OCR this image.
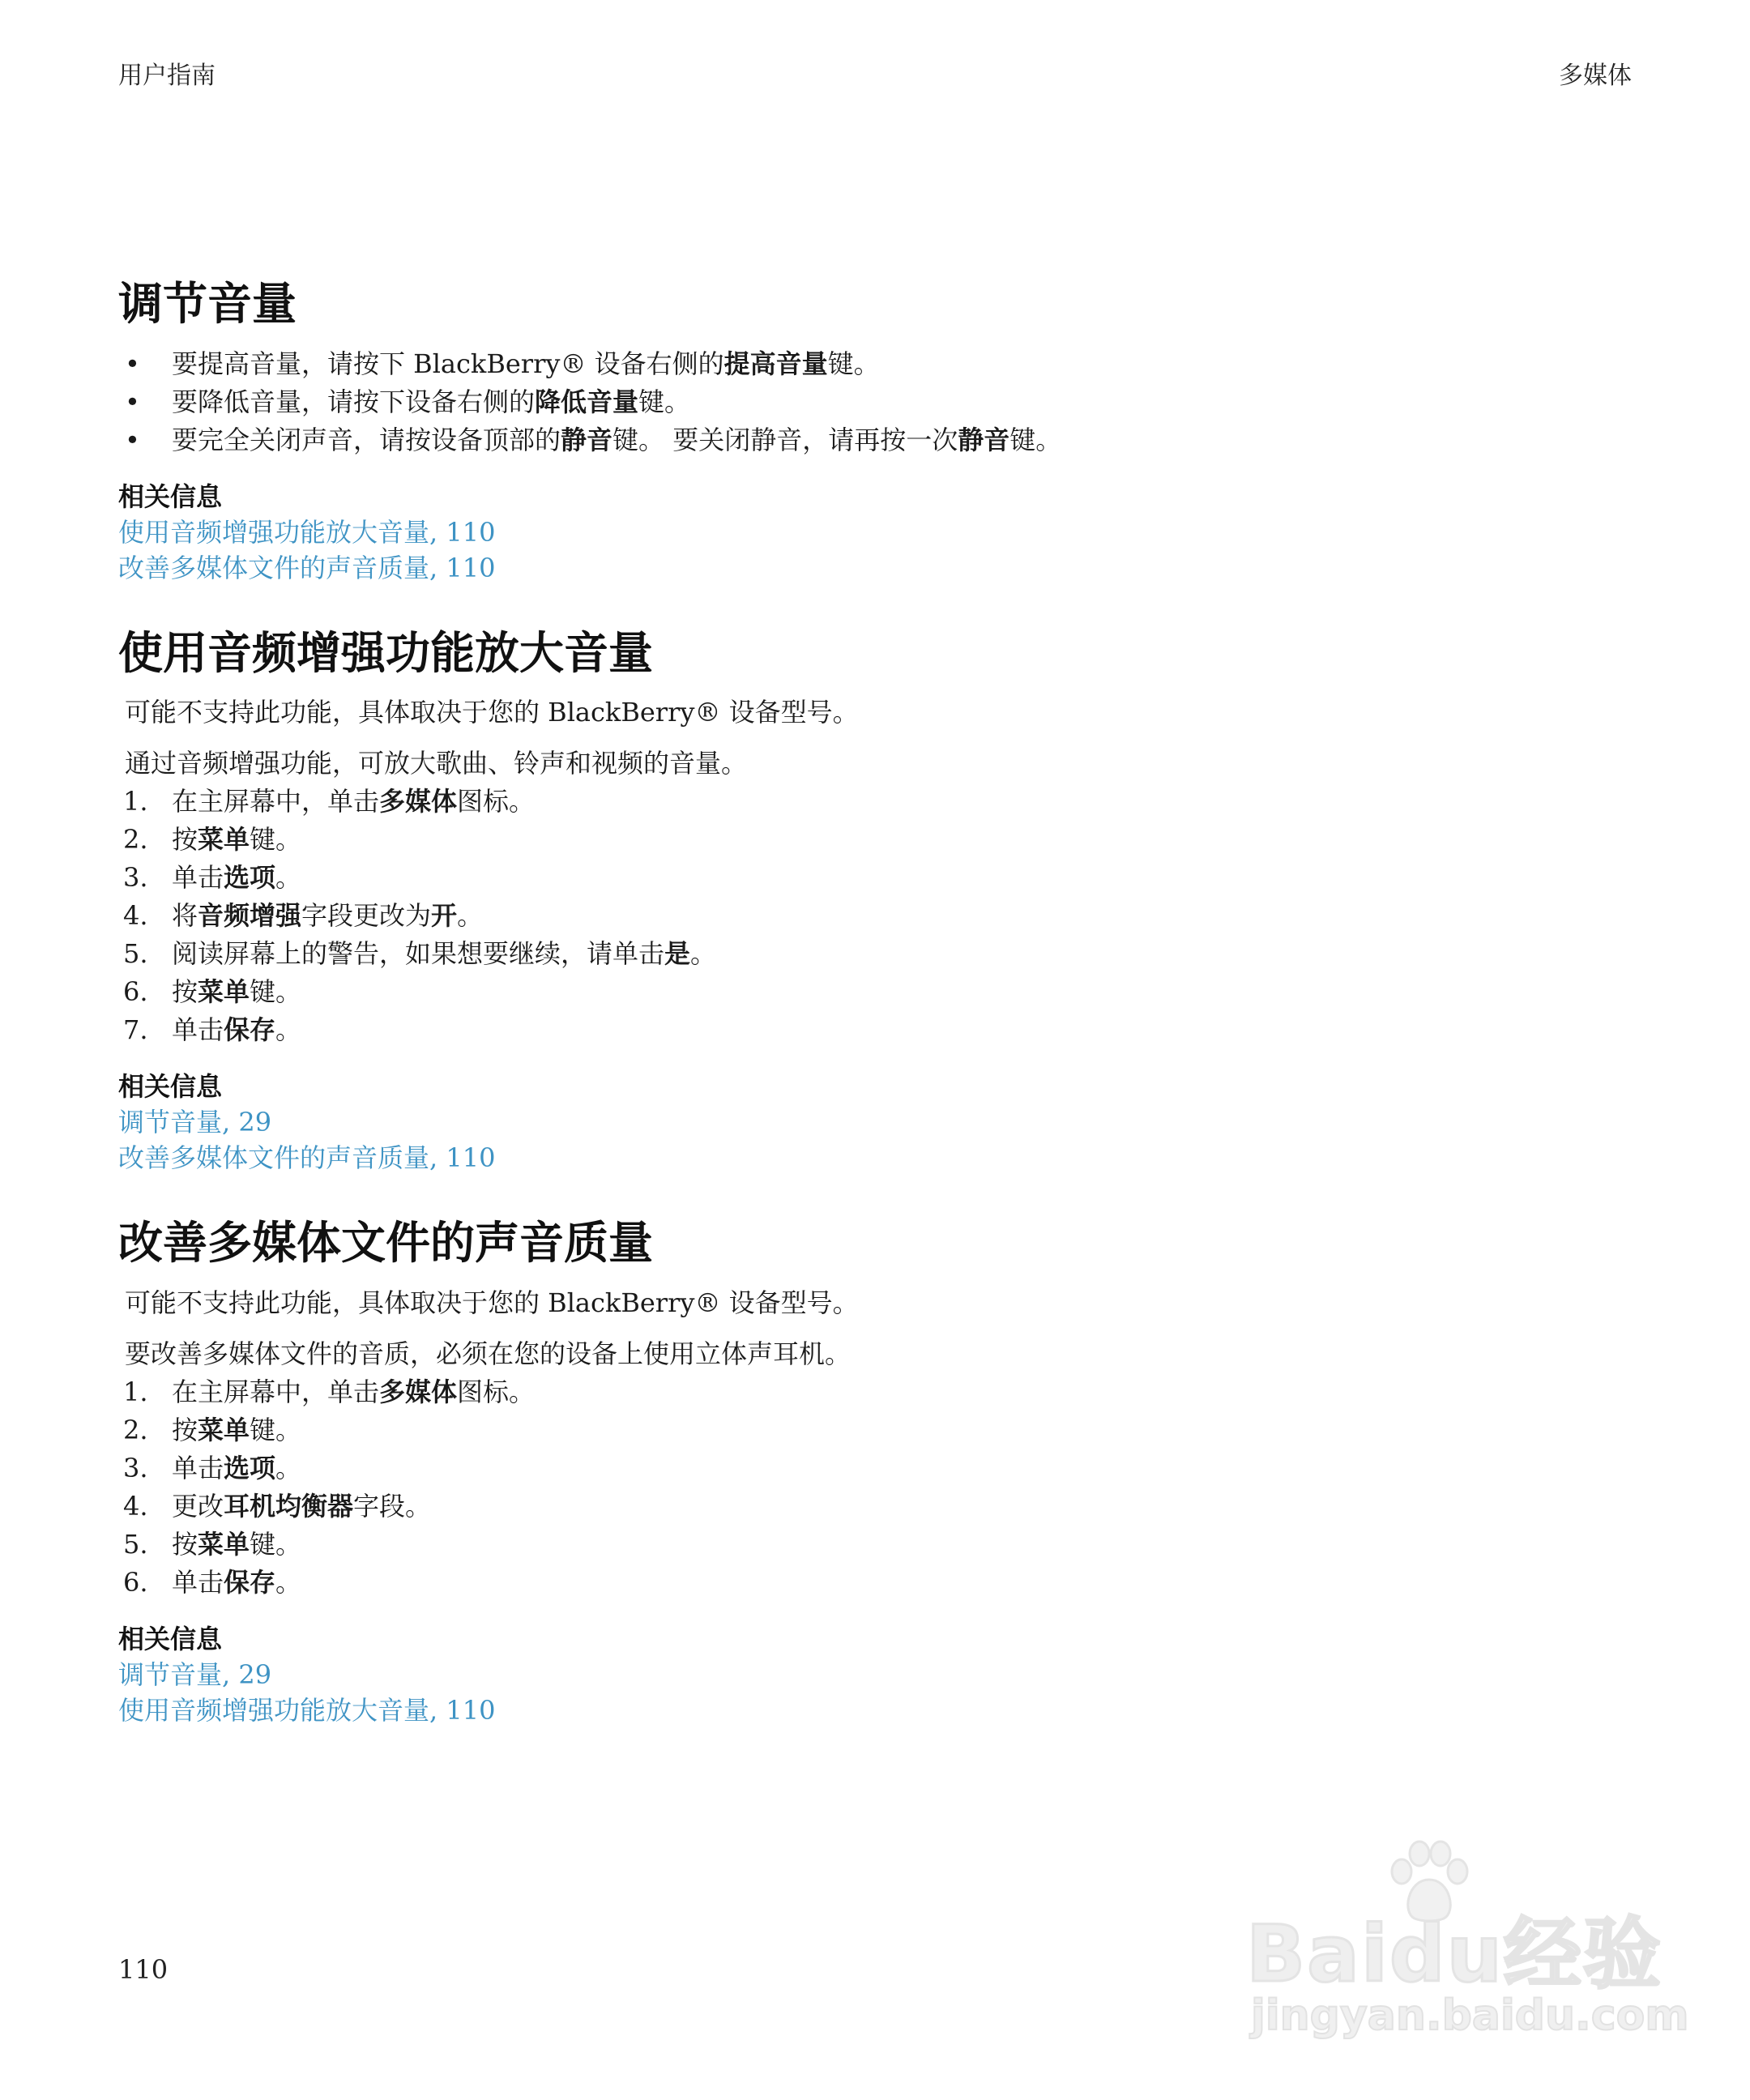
用户指南	多媒体
调节音量
• 要提高音量，请按下 BlackBerry® 设备右侧的提高音量键。
• 要降低音量，请按下设备右侧的降低音量键。
• 要完全关闭声音，请按设备顶部的静音键。 要关闭静音，请再按一次静音键。
相关信息
使用音频增强功能放大音量, 110
改善多媒体文件的声音质量, 110
使用音频增强功能放大音量

可能不支持此功能，具体取决于您的 BlackBerry® 设备型号。

通过音频增强功能，可放大歌曲、铃声和视频的音量。

1. 在主屏幕中，单击多媒体图标。
2. 按菜单键。
3. 单击选项。
4. 将音频增强字段更改为开。
5. 阅读屏幕上的警告，如果想要继续，请单击是。
6. 按菜单键。
7. 单击保存。
相关信息
调节音量, 29
改善多媒体文件的声音质量, 110
改善多媒体文件的声音质量

可能不支持此功能，具体取决于您的 BlackBerry® 设备型号。

要改善多媒体文件的音质，必须在您的设备上使用立体声耳机。

1. 在主屏幕中，单击多媒体图标。
2. 按菜单键。
3. 单击选项。
4. 更改耳机均衡器字段。
5. 按菜单键。
6. 单击保存。
相关信息
调节音量, 29
使用音频增强功能放大音量, 110
110	Baidu经验
jingyan.baidu.com
